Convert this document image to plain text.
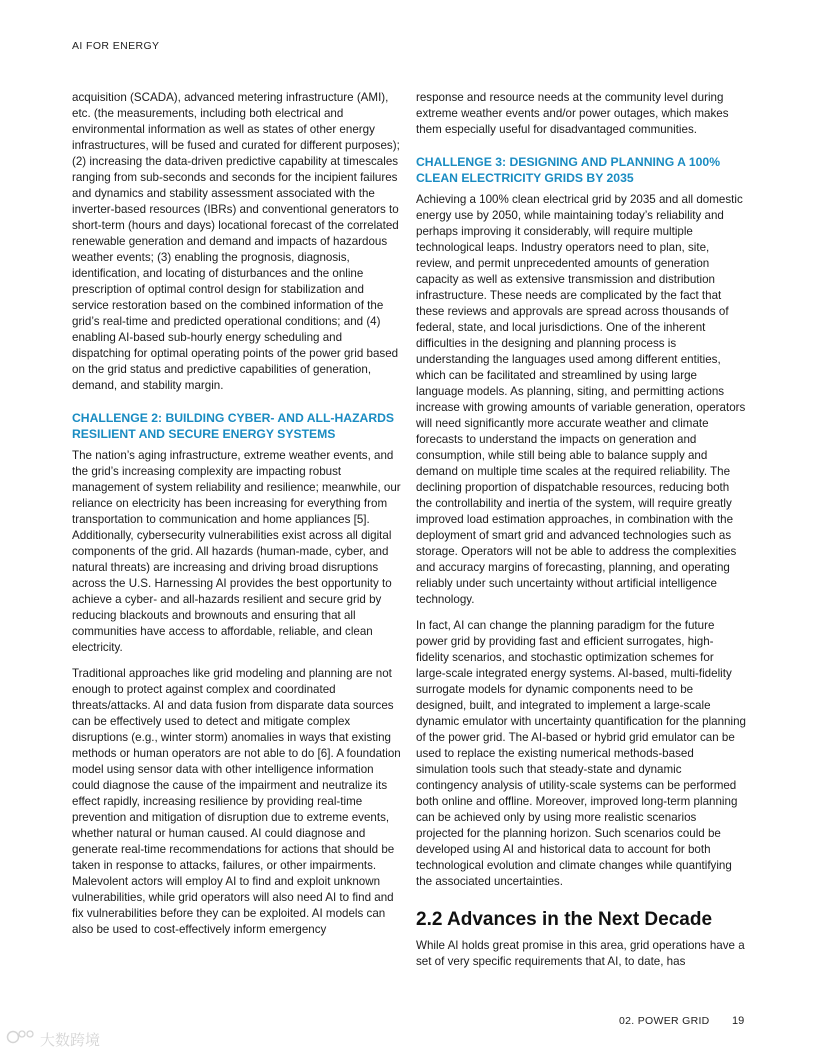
AI FOR ENERGY

acquisition (SCADA), advanced metering infrastructure (AMI), etc. (the measurements, including both electrical and environmental information as well as states of other energy infrastructures, will be fused and curated for different purposes); (2) increasing the data-driven predictive capability at timescales ranging from sub-seconds and seconds for the incipient failures and dynamics and stability assessment associated with the inverter-based resources (IBRs) and conventional generators to short-term (hours and days) locational forecast of the correlated renewable generation and demand and impacts of hazardous weather events; (3) enabling the prognosis, diagnosis, identification, and locating of disturbances and the online prescription of optimal control design for stabilization and service restoration based on the combined information of the grid’s real-time and predicted operational conditions; and (4) enabling AI-based sub-hourly energy scheduling and dispatching for optimal operating points of the power grid based on the grid status and predictive capabilities of generation, demand, and stability margin.

CHALLENGE 2: BUILDING CYBER- AND ALL-HAZARDS RESILIENT AND SECURE ENERGY SYSTEMS

The nation’s aging infrastructure, extreme weather events, and the grid’s increasing complexity are impacting robust management of system reliability and resilience; meanwhile, our reliance on electricity has been increasing for everything from transportation to communication and home appliances [5]. Additionally, cybersecurity vulnerabilities exist across all digital components of the grid. All hazards (human-made, cyber, and natural threats) are increasing and driving broad disruptions across the U.S. Harnessing AI provides the best opportunity to achieve a cyber- and all-hazards resilient and secure grid by reducing blackouts and brownouts and ensuring that all communities have access to affordable, reliable, and clean electricity.

Traditional approaches like grid modeling and planning are not enough to protect against complex and coordinated threats/attacks. AI and data fusion from disparate data sources can be effectively used to detect and mitigate complex disruptions (e.g., winter storm) anomalies in ways that existing methods or human operators are not able to do [6]. A foundation model using sensor data with other intelligence information could diagnose the cause of the impairment and neutralize its effect rapidly, increasing resilience by providing real-time prevention and mitigation of disruption due to extreme events, whether natural or human caused. AI could diagnose and generate real-time recommendations for actions that should be taken in response to attacks, failures, or other impairments. Malevolent actors will employ AI to find and exploit unknown vulnerabilities, while grid operators will also need AI to find and fix vulnerabilities before they can be exploited. AI models can also be used to cost-effectively inform emergency

response and resource needs at the community level during extreme weather events and/or power outages, which makes them especially useful for disadvantaged communities.

CHALLENGE 3: DESIGNING AND PLANNING A 100% CLEAN ELECTRICITY GRIDS BY 2035

Achieving a 100% clean electrical grid by 2035 and all domestic energy use by 2050, while maintaining today’s reliability and perhaps improving it considerably, will require multiple technological leaps. Industry operators need to plan, site, review, and permit unprecedented amounts of generation capacity as well as extensive transmission and distribution infrastructure. These needs are complicated by the fact that these reviews and approvals are spread across thousands of federal, state, and local jurisdictions. One of the inherent difficulties in the designing and planning process is understanding the languages used among different entities, which can be facilitated and streamlined by using large language models. As planning, siting, and permitting actions increase with growing amounts of variable generation, operators will need significantly more accurate weather and climate forecasts to understand the impacts on generation and consumption, while still being able to balance supply and demand on multiple time scales at the required reliability. The declining proportion of dispatchable resources, reducing both the controllability and inertia of the system, will require greatly improved load estimation approaches, in combination with the deployment of smart grid and advanced technologies such as storage. Operators will not be able to address the complexities and accuracy margins of forecasting, planning, and operating reliably under such uncertainty without artificial intelligence technology.

In fact, AI can change the planning paradigm for the future power grid by providing fast and efficient surrogates, high-fidelity scenarios, and stochastic optimization schemes for large-scale integrated energy systems. AI-based, multi-fidelity surrogate models for dynamic components need to be designed, built, and integrated to implement a large-scale dynamic emulator with uncertainty quantification for the planning of the power grid. The AI-based or hybrid grid emulator can be used to replace the existing numerical methods-based simulation tools such that steady-state and dynamic contingency analysis of utility-scale systems can be performed both online and offline. Moreover, improved long-term planning can be achieved only by using more realistic scenarios projected for the planning horizon. Such scenarios could be developed using AI and historical data to account for both technological evolution and climate changes while quantifying the associated uncertainties.

2.2 Advances in the Next Decade

While AI holds great promise in this area, grid operations have a set of very specific requirements that AI, to date, has

02. POWER GRID 19
大数跨境
